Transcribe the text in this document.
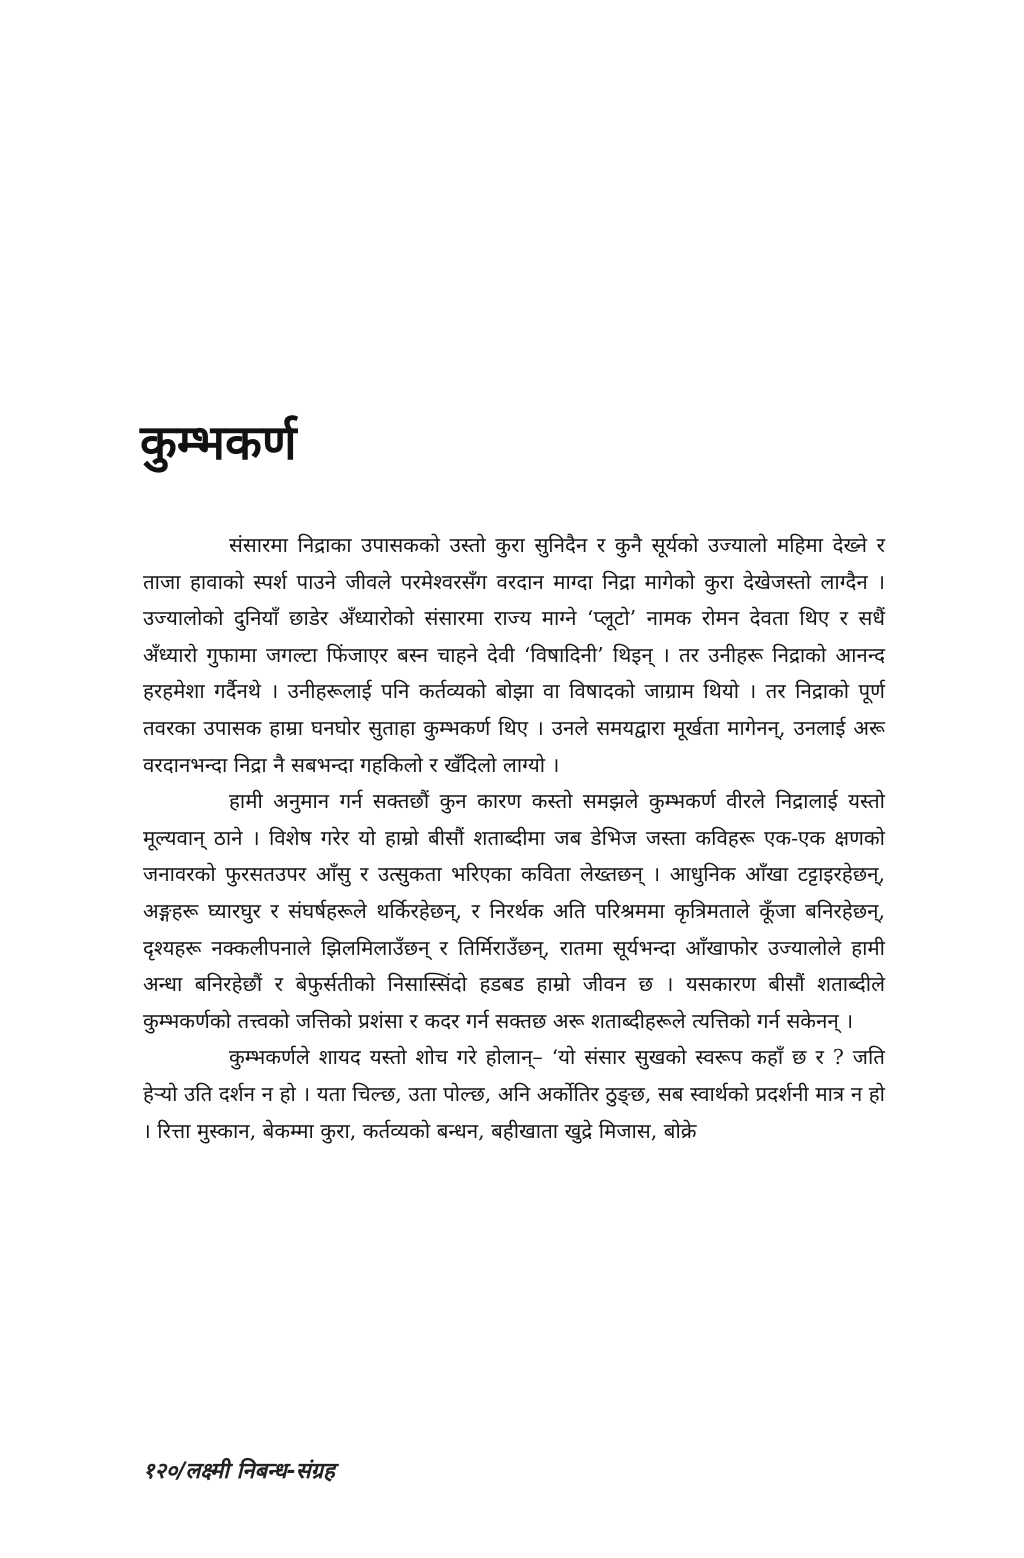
कुम्भकर्ण

संसारमा निद्राका उपासकको उस्तो कुरा सुनिदैन र कुनै सूर्यको उज्यालो महिमा देख्ने र ताजा हावाको स्पर्श पाउने जीवले परमेश्वरसँग वरदान माग्दा निद्रा मागेको कुरा देखेजस्तो लाग्दैन । उज्यालोको दुनियाँ छाडेर अँध्यारोको संसारमा राज्य माग्ने ‘प्लूटो’ नामक रोमन देवता थिए र सधैं अँध्यारो गुफामा जगल्टा फिंजाएर बस्न चाहने देवी ‘विषादिनी’ थिइन् । तर उनीहरू निद्राको आनन्द हरहमेशा गर्दैनथे । उनीहरूलाई पनि कर्तव्यको बोझा वा विषादको जाग्राम थियो । तर निद्राको पूर्ण तवरका उपासक हाम्रा घनघोर सुताहा कुम्भकर्ण थिए । उनले समयद्वारा मूर्खता मागेनन्, उनलाई अरू वरदानभन्दा निद्रा नै सबभन्दा गहकिलो र खँदिलो लाग्यो ।

हामी अनुमान गर्न सक्तछौं कुन कारण कस्तो समझले कुम्भकर्ण वीरले निद्रालाई यस्तो मूल्यवान् ठाने । विशेष गरेर यो हाम्रो बीसौं शताब्दीमा जब डेभिज जस्ता कविहरू एक-एक क्षणको जनावरको फुरसतउपर आँसु र उत्सुकता भरिएका कविता लेख्तछन् । आधुनिक आँखा टट्टाइरहेछन्, अङ्गहरू घ्यारघुर र संघर्षहरूले थर्किरहेछन्, र निरर्थक अति परिश्रममा कृत्रिमताले कूँजा बनिरहेछन्, दृश्यहरू नक्कलीपनाले झिलमिलाउँछन् र तिर्मिराउँछन्, रातमा सूर्यभन्दा आँखाफोर उज्यालोले हामी अन्धा बनिरहेछौं र बेफुर्सतीको निसास्सिंदो हडबड हाम्रो जीवन छ । यसकारण बीसौं शताब्दीले कुम्भकर्णको तत्त्वको जत्तिको प्रशंसा र कदर गर्न सक्तछ अरू शताब्दीहरूले त्यत्तिको गर्न सकेनन् ।

कुम्भकर्णले शायद यस्तो शोच गरे होलान्– ‘यो संसार सुखको स्वरूप कहाँ छ र ? जति हेर्‍यो उति दर्शन न हो । यता चिल्छ, उता पोल्छ, अनि अर्कोतिर ठुङ्छ, सब स्वार्थको प्रदर्शनी मात्र न हो । रित्ता मुस्कान, बेकम्मा कुरा, कर्तव्यको बन्धन, बहीखाता खुद्रे मिजास, बोक्रे

१२०/लक्ष्मी निबन्ध-संग्रह
